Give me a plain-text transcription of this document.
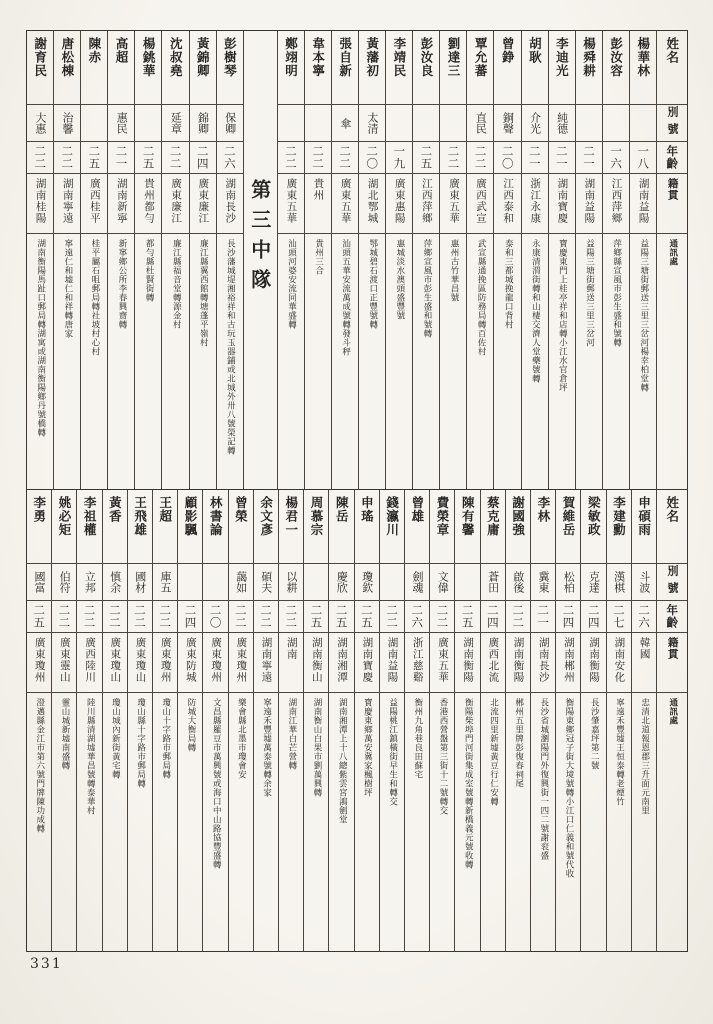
姓名
別號
年齡
籍貫
通訊處
楊華林
一八
湖南益陽
益陽三塘街郵送三里三岔河楊幸柏堂轉
彭汝容
一六
江西萍鄉
萍鄉縣宣風市彭生盛和號轉
楊舜耕
二一
湖南益陽
益陽三塘街郵送三里三岔河
李迪光
純德
二一
湖南寶慶
寶慶東門上桂亭祥和店轉小江水官倉坪
胡耿
介光
二一
浙江永康
永康清渭街轉和山棲交濟人堂藥號轉
曾錚
銅聲
二〇
江西泰和
泰和三都城挽龍口背村
覃允蕃
直民
二二
廣西武宣
武宣縣通挽區防務局轉百佐村
劉達三
二二
廣東五華
惠州古竹華昌號
彭汝良
二五
江西萍鄉
萍鄉宣風市彭生盛和號轉
李靖民
一九
廣東惠陽
惠城淡水澳頭盛豐號
黃藩初
太清
二〇
湖北鄂城
鄂城碧石渡口正豐號轉
張自新
傘
二二
廣東五華
汕頭五華安流萬成號轉發斗秤
韋本寧
二二
貴州
貴州三合
鄭翊明
二二
廣東五華
汕頭河婆安流同華盛轉
第三中隊
彭樹琴
保卿
二六
湖南長沙
長沙藩城堤湘裕祥和古玩玉器鋪或北城外卅八號榮記轉
黃錦卿
錦卿
二四
廣東廉江
廉江縣翼西館轉塘蓬平嶺村
沈叔堯
延章
二二
廣東廉江
廉江縣福音堂轉源金村
楊銚華
二五
貴州都勻
都勻縣杜賢街轉
高超
惠民
二一
湖南新寧
新寧鄉公所李春興齋轉
陳赤
二五
廣西桂平
桂平屬石咀郵局轉社坡村心村
唐松棟
治馨
二二
湖南寧遠
寧遠仁和墟仁和祥轉唐家
謝育民
大惠
二二
湖南桂陽
湖南衡陽馬趾口郵局轉湖寓或湖南衡陽鄉丹號橋轉
姓名
別號
年齡
籍貫
通訊處
申碩雨
斗波
二六
韓國
忠清北道報恩郡三升面元南里
李建勳
漢棋
二七
湖南安化
寧遠禾豐墟王恒泰轉老煙竹
梁敏政
克達
二四
湖南衡陽
長沙肇嘉坪第二號
賀維岳
松柏
二四
湖南郴州
衡陽東鄉冠子街大境號轉小江口仁義和號代收
李林
冀東
二一
湖南長沙
長沙省城瀏陽門外復興街一四二號謝衮盛
謝國強
啟後
二二
湖南衡陽
郴州五里牌彭復春祠尾
蔡克庸
蒼田
二四
廣西北流
北流四里新墟黃豆行仁安轉
陳有馨
二五
湖南衡陽
衡陽柴埠門河街集成室號轉新橋義元號收轉
費榮章
文偉
二二
廣東五華
香港西營盤第三街十二號轉交
曾雄
劍魂
二六
浙江慈谿
衡州九角巷良田蘇宅
錢瀛川
二二
湖南益陽
益陽桃江鎮橫街早生和轉交
申瑤
瓊欽
二五
湖南寶慶
寶慶東鄉萬安冀家楓樹坪
陳岳
慶欣
二五
湖南湘潭
湖南湘潭上十八總紫雲宮鴻劍堂
周慕宗
二五
湖南衡山
湖南衡山白果市劉萬興轉
楊君一
以耕
二二
湖南
湖南江華白芒營轉
余文彥
碩夫
二二
湖南寧遠
寧遠禾豐墟萬泰號轉余家
曾榮
藹如
二二
廣東瓊州
樂會縣北墨市瓊會安
林書論
二〇
廣東瓊州
文昌縣羅豆市萬興號或海口中山路協豐盛轉
顧影颿
二四
廣東防城
防城大衡局轉
王超
庫五
二二
廣東瓊州
瓊山十字路市郵局轉
王飛雄
國材
二二
廣東瓊山
瓊山縣十字路市郵局轉
黃香
慎余
二二
廣東瓊山
瓊山城內新街黃宅轉
李祖權
立邦
二二
廣西陸川
陸川縣清湖墟華昌號轉泰華村
姚必矩
伯符
二二
廣東靈山
靈山城新墟南盛轉
李勇
國富
二五
廣東瓊州
澄邁縣金江市第六號門牌陳功成轉
331
